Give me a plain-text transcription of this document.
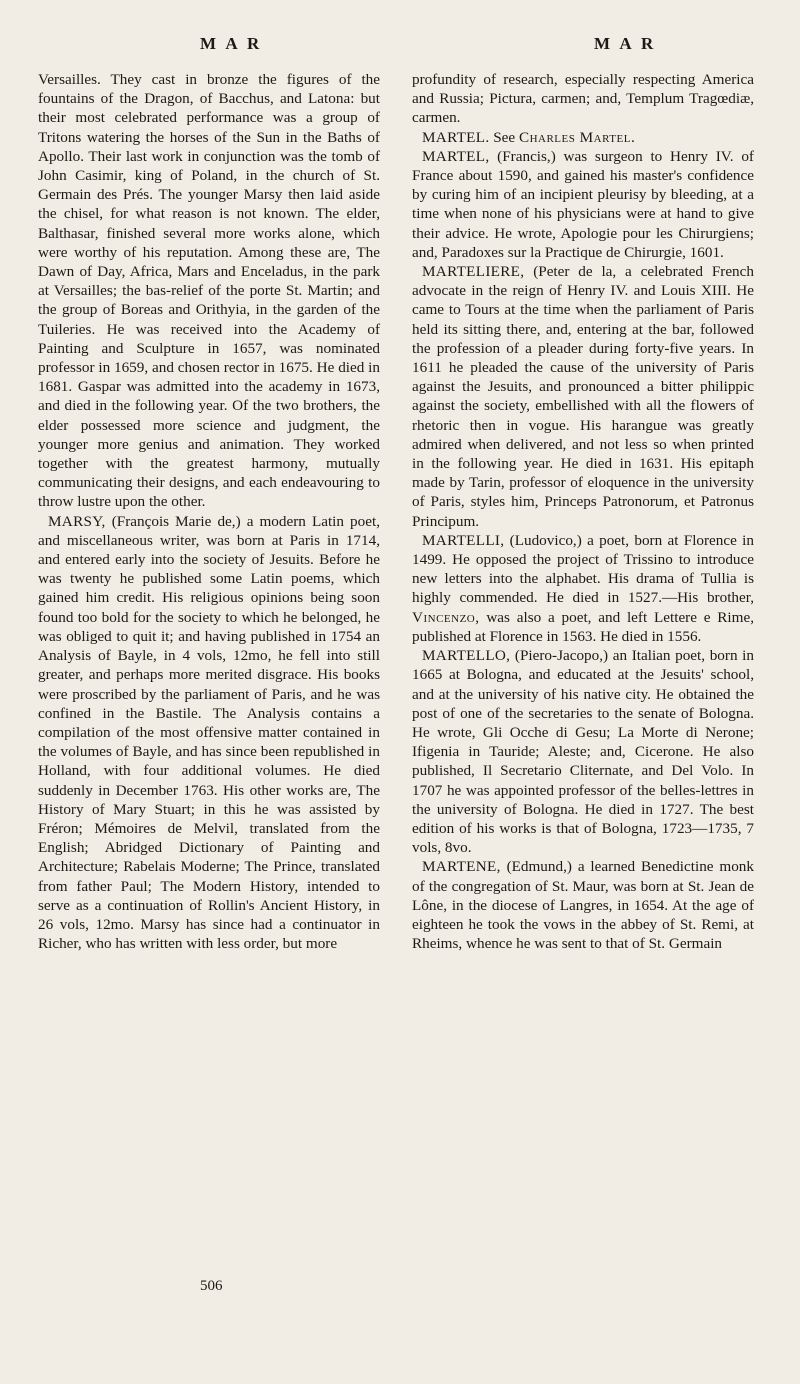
M A R	M A R

Versailles. They cast in bronze the figures of the fountains of the Dragon, of Bacchus, and Latona: but their most celebrated performance was a group of Tritons watering the horses of the Sun in the Baths of Apollo. Their last work in conjunction was the tomb of John Casimir, king of Poland, in the church of St. Germain des Prés. The younger Marsy then laid aside the chisel, for what reason is not known. The elder, Balthasar, finished several more works alone, which were worthy of his reputation. Among these are, The Dawn of Day, Africa, Mars and Enceladus, in the park at Versailles; the bas-relief of the porte St. Martin; and the group of Boreas and Orithyia, in the garden of the Tuileries. He was received into the Academy of Painting and Sculpture in 1657, was nominated professor in 1659, and chosen rector in 1675. He died in 1681. Gaspar was admitted into the academy in 1673, and died in the following year. Of the two brothers, the elder possessed more science and judgment, the younger more genius and animation. They worked together with the greatest harmony, mutually communicating their designs, and each endeavouring to throw lustre upon the other.

MARSY, (François Marie de,) a modern Latin poet, and miscellaneous writer, was born at Paris in 1714, and entered early into the society of Jesuits. Before he was twenty he published some Latin poems, which gained him credit. His religious opinions being soon found too bold for the society to which he belonged, he was obliged to quit it; and having published in 1754 an Analysis of Bayle, in 4 vols, 12mo, he fell into still greater, and perhaps more merited disgrace. His books were proscribed by the parliament of Paris, and he was confined in the Bastile. The Analysis contains a compilation of the most offensive matter contained in the volumes of Bayle, and has since been republished in Holland, with four additional volumes. He died suddenly in December 1763. His other works are, The History of Mary Stuart; in this he was assisted by Fréron; Mémoires de Melvil, translated from the English; Abridged Dictionary of Painting and Architecture; Rabelais Moderne; The Prince, translated from father Paul; The Modern History, intended to serve as a continuation of Rollin's Ancient History, in 26 vols, 12mo. Marsy has since had a continuator in Richer, who has written with less order, but more

profundity of research, especially respecting America and Russia; Pictura, carmen; and, Templum Tragœdiæ, carmen.

MARTEL. See Charles Martel.

MARTEL, (Francis,) was surgeon to Henry IV. of France about 1590, and gained his master's confidence by curing him of an incipient pleurisy by bleeding, at a time when none of his physicians were at hand to give their advice. He wrote, Apologie pour les Chirurgiens; and, Paradoxes sur la Practique de Chirurgie, 1601.

MARTELIERE, (Peter de la, a celebrated French advocate in the reign of Henry IV. and Louis XIII. He came to Tours at the time when the parliament of Paris held its sitting there, and, entering at the bar, followed the profession of a pleader during forty-five years. In 1611 he pleaded the cause of the university of Paris against the Jesuits, and pronounced a bitter philippic against the society, embellished with all the flowers of rhetoric then in vogue. His harangue was greatly admired when delivered, and not less so when printed in the following year. He died in 1631. His epitaph made by Tarin, professor of eloquence in the university of Paris, styles him, Princeps Patronorum, et Patronus Principum.

MARTELLI, (Ludovico,) a poet, born at Florence in 1499. He opposed the project of Trissino to introduce new letters into the alphabet. His drama of Tullia is highly commended. He died in 1527.—His brother, Vincenzo, was also a poet, and left Lettere e Rime, published at Florence in 1563. He died in 1556.

MARTELLO, (Piero-Jacopo,) an Italian poet, born in 1665 at Bologna, and educated at the Jesuits' school, and at the university of his native city. He obtained the post of one of the secretaries to the senate of Bologna. He wrote, Gli Ocche di Gesu; La Morte di Nerone; Ifigenia in Tauride; Aleste; and, Cicerone. He also published, Il Secretario Cliternate, and Del Volo. In 1707 he was appointed professor of the belles-lettres in the university of Bologna. He died in 1727. The best edition of his works is that of Bologna, 1723—1735, 7 vols, 8vo.

MARTENE, (Edmund,) a learned Benedictine monk of the congregation of St. Maur, was born at St. Jean de Lône, in the diocese of Langres, in 1654. At the age of eighteen he took the vows in the abbey of St. Remi, at Rheims, whence he was sent to that of St. Germain

506
